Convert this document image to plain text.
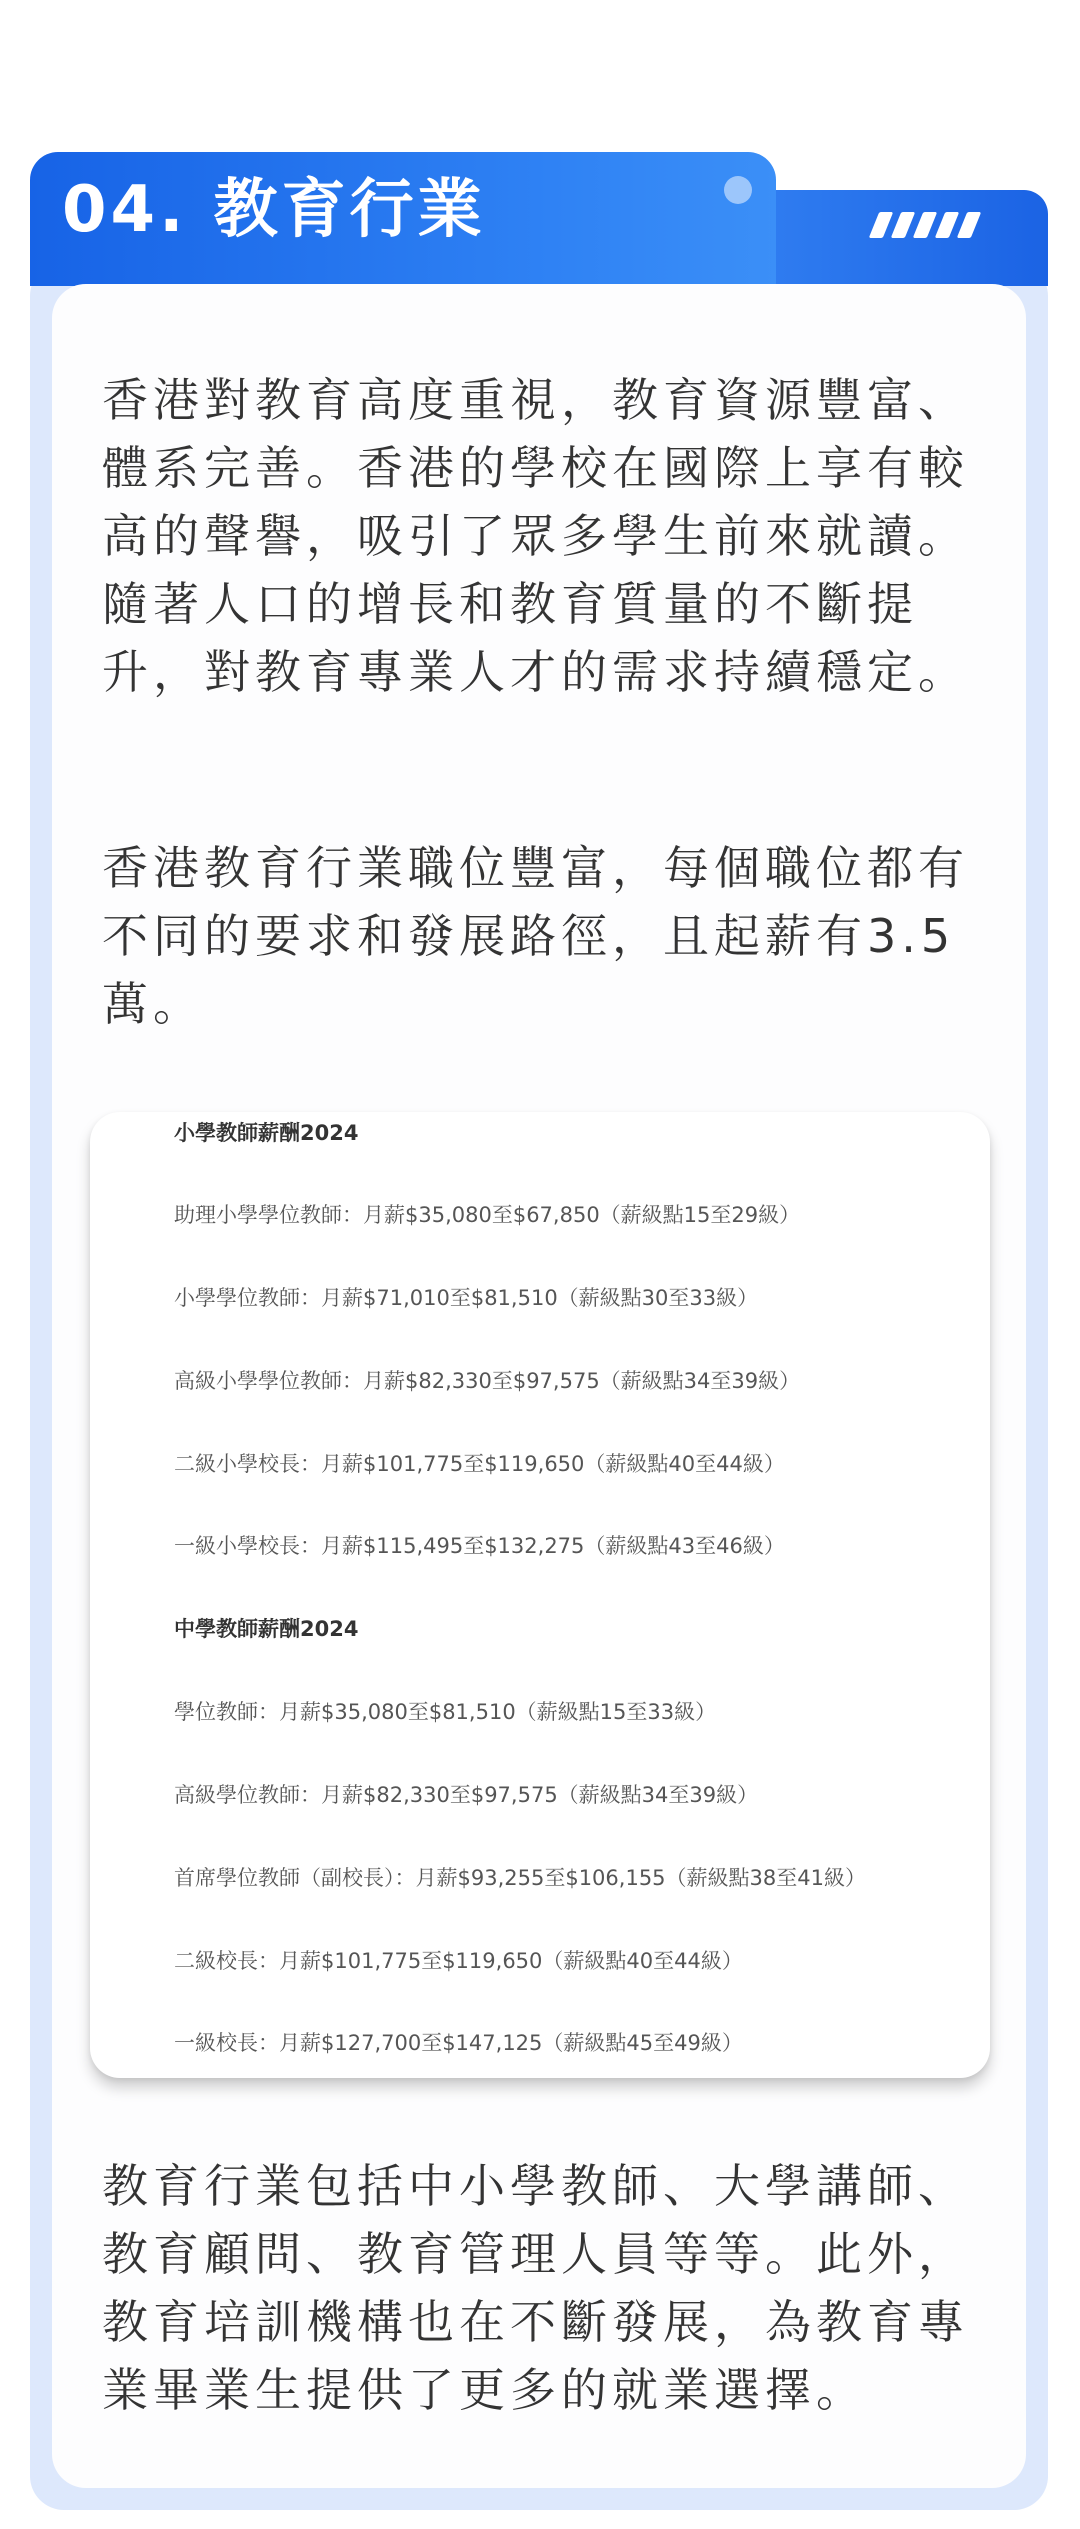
04. 教育行業

香港對教育高度重視，教育資源豐富、體系完善。香港的學校在國際上享有較高的聲譽，吸引了眾多學生前來就讀。隨著人口的增長和教育質量的不斷提升，對教育專業人才的需求持續穩定。

香港教育行業職位豐富，每個職位都有不同的要求和發展路徑，且起薪有3.5萬。

小學教師薪酬2024
助理小學學位教師：月薪$35,080至$67,850（薪級點15至29級）
小學學位教師：月薪$71,010至$81,510（薪級點30至33級）
高級小學學位教師：月薪$82,330至$97,575（薪級點34至39級）
二級小學校長：月薪$101,775至$119,650（薪級點40至44級）
一級小學校長：月薪$115,495至$132,275（薪級點43至46級）
中學教師薪酬2024
學位教師：月薪$35,080至$81,510（薪級點15至33級）
高級學位教師：月薪$82,330至$97,575（薪級點34至39級）
首席學位教師（副校長）：月薪$93,255至$106,155（薪級點38至41級）
二級校長：月薪$101,775至$119,650（薪級點40至44級）
一級校長：月薪$127,700至$147,125（薪級點45至49級）

教育行業包括中小學教師、大學講師、教育顧問、教育管理人員等等。此外，教育培訓機構也在不斷發展，為教育專業畢業生提供了更多的就業選擇。
